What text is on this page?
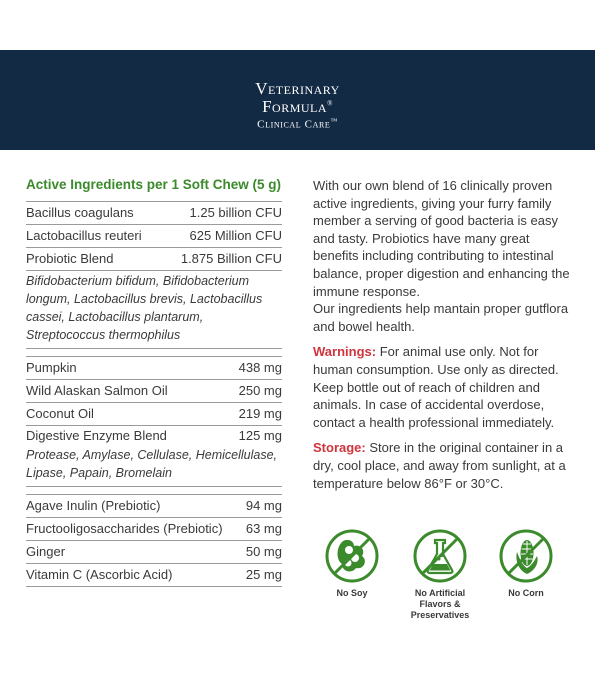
Veterinary
Formula®
Clinical Care™
Active Ingredients per 1 Soft Chew (5 g)
Bacillus coagulans	1.25 billion CFU
Lactobacillus reuteri	625 Million CFU
Probiotic Blend	1.875 Billion CFU
Bifidobacterium bifidum, Bifidobacterium longum, Lactobacillus brevis, Lactobacillus cassei, Lactobacillus plantarum, Streptococcus thermophilus
Pumpkin	438 mg
Wild Alaskan Salmon Oil	250 mg
Coconut Oil	219 mg
Digestive Enzyme Blend	125 mg
Protease, Amylase, Cellulase, Hemicellulase, Lipase, Papain, Bromelain
Agave Inulin (Prebiotic)	94 mg
Fructooligosaccharides (Prebiotic) 63 mg
Ginger	50 mg
Vitamin C (Ascorbic Acid)	25 mg

With our own blend of 16 clinically proven active ingredients, giving your furry family member a serving of good bacteria is easy and tasty. Probiotics have many great benefits including contributing to intestinal balance, proper digestion and enhancing the immune response.

Our ingredients help mantain proper gutflora and bowel health.

Warnings: For animal use only. Not for human consumption. Use only as directed. Keep bottle out of reach of children and animals. In case of accidental overdose, contact a health professional immediately.

Storage: Store in the original container in a dry, cool place, and away from sunlight, at a temperature below 86°F or 30°C.

No Soy	No Artificial Flavors & Preservatives
No Corn
